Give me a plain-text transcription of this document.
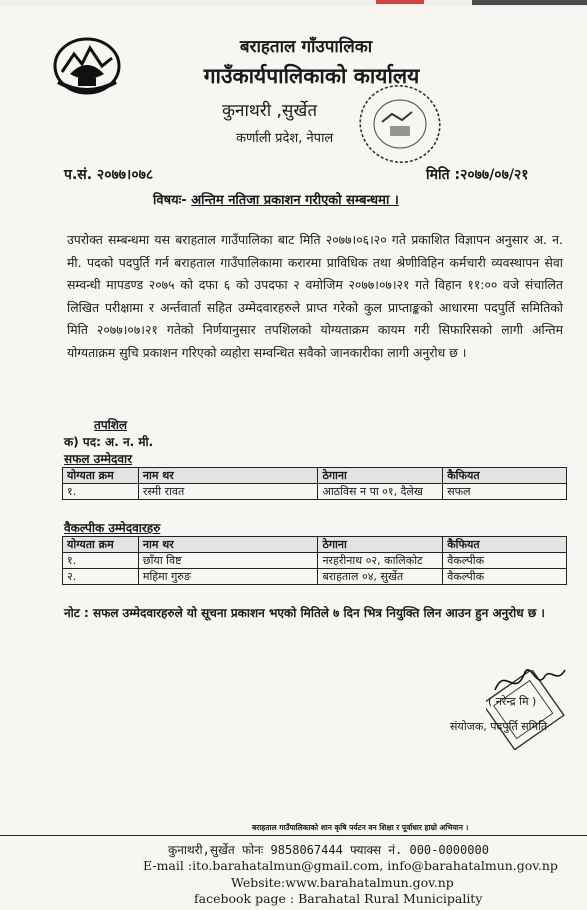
बराहताल गाँउपालिका
गाउँकार्यपालिकाको कार्यालय
कुनाथरी ,सुर्खेत
कर्णाली प्रदेश, नेपाल
प.सं. २०७७।०७८	मिति :२०७७/०७/२१
विषयः- अन्तिम नतिजा प्रकाशन गरीएको सम्बन्धमा ।
उपरोक्त सम्बन्धमा यस बराहताल गाउँपालिका बाट मिति २०७७।०६।२० गते प्रकाशित विज्ञापन अनुसार अ. न. मी. पदको पदपुर्ति गर्न बराहताल गाउँपालिकामा करारमा प्राविधिक तथा श्रेणीविहिन कर्मचारी व्यवस्थापन सेवा सम्वन्धी मापडण्ड २०७५ को दफा ६ को उपदफा २ वमोजिम २०७७।०७।२१ गते विहान ११:०० वजे संचालित लिखित परीक्षामा र अर्न्तवार्ता सहित उम्मेदवारहरुले प्राप्त गरेको कुल प्राप्ताङ्कको आधारमा पदपुर्ति समितिको मिति २०७७।०७।२१ गतेको निर्णयानुसार तपशिलको योग्यताक्रम कायम गरी सिफारिसको लागी अन्तिम योग्यताक्रम सुचि प्रकाशन गरिएको व्यहोरा सम्वन्धित सवैको जानकारीका लागी अनुरोध छ ।
तपशिल
क) पद: अ. न. मी.
सफल उम्मेदवार
योग्यता क्रम	नाम थर	ठेगाना	कैफियत
१.	रस्मी रावत	आठविस न पा ०१, दैलेख	सफल
वैकल्पीक उम्मेदवारहरु
योग्यता क्रम	नाम थर	ठेगाना	कैफियत
१.	छाँया विष्ट	नरहरीनाथ ०२, कालिकोट	वैकल्पीक
२.	महिमा गुरुङ	बराहताल ०४, सुर्खेत	वैकल्पीक
नोट : सफल उम्मेदवारहरुले यो सूचना प्रकाशन भएको मितिले ७ दिन भित्र नियुक्ति लिन आउन हुन अनुरोध छ ।
( नरेन्द्र मि )
संयोजक, पदपुर्ति समिति
बराहताल गाउँपालिकाको शान कृषि पर्यटन वन शिक्षा र पूर्वाधार हाम्रो अभियान ।
कुनाथरी,सुर्खेत फोनः 9858067444 फ्याक्स नं. 000-0000000
E-mail :ito.barahatalmun@gmail.com, info@barahatalmun.gov.np
Website:www.barahatalmun.gov.np
facebook page : Barahatal Rural Municipality
